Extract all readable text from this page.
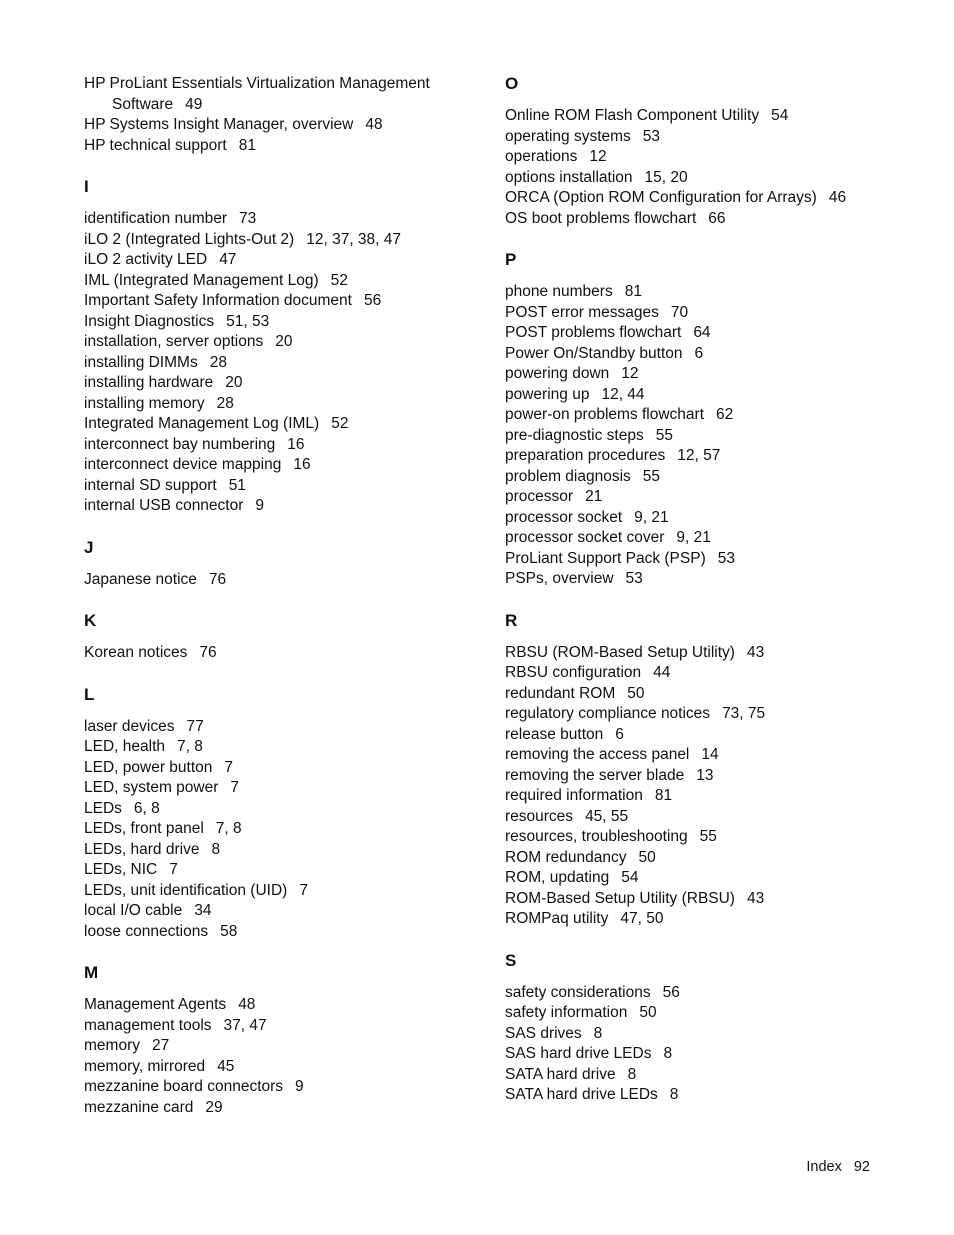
HP ProLiant Essentials Virtualization Management
Software 49
HP Systems Insight Manager, overview 48
HP technical support 81
I
identification number 73
iLO 2 (Integrated Lights-Out 2) 12, 37, 38, 47
iLO 2 activity LED 47
IML (Integrated Management Log) 52
Important Safety Information document 56
Insight Diagnostics 51, 53
installation, server options 20
installing DIMMs 28
installing hardware 20
installing memory 28
Integrated Management Log (IML) 52
interconnect bay numbering 16
interconnect device mapping 16
internal SD support 51
internal USB connector 9
J
Japanese notice 76
K
Korean notices 76
L
laser devices 77
LED, health 7, 8
LED, power button 7
LED, system power 7
LEDs 6, 8
LEDs, front panel 7, 8
LEDs, hard drive 8
LEDs, NIC 7
LEDs, unit identification (UID) 7
local I/O cable 34
loose connections 58
M
Management Agents 48
management tools 37, 47
memory 27
memory, mirrored 45
mezzanine board connectors 9
mezzanine card 29
O
Online ROM Flash Component Utility 54
operating systems 53
operations 12
options installation 15, 20
ORCA (Option ROM Configuration for Arrays) 46
OS boot problems flowchart 66
P
phone numbers 81
POST error messages 70
POST problems flowchart 64
Power On/Standby button 6
powering down 12
powering up 12, 44
power-on problems flowchart 62
pre-diagnostic steps 55
preparation procedures 12, 57
problem diagnosis 55
processor 21
processor socket 9, 21
processor socket cover 9, 21
ProLiant Support Pack (PSP) 53
PSPs, overview 53
R
RBSU (ROM-Based Setup Utility) 43
RBSU configuration 44
redundant ROM 50
regulatory compliance notices 73, 75
release button 6
removing the access panel 14
removing the server blade 13
required information 81
resources 45, 55
resources, troubleshooting 55
ROM redundancy 50
ROM, updating 54
ROM-Based Setup Utility (RBSU) 43
ROMPaq utility 47, 50
S
safety considerations 56
safety information 50
SAS drives 8
SAS hard drive LEDs 8
SATA hard drive 8
SATA hard drive LEDs 8
Index 92
